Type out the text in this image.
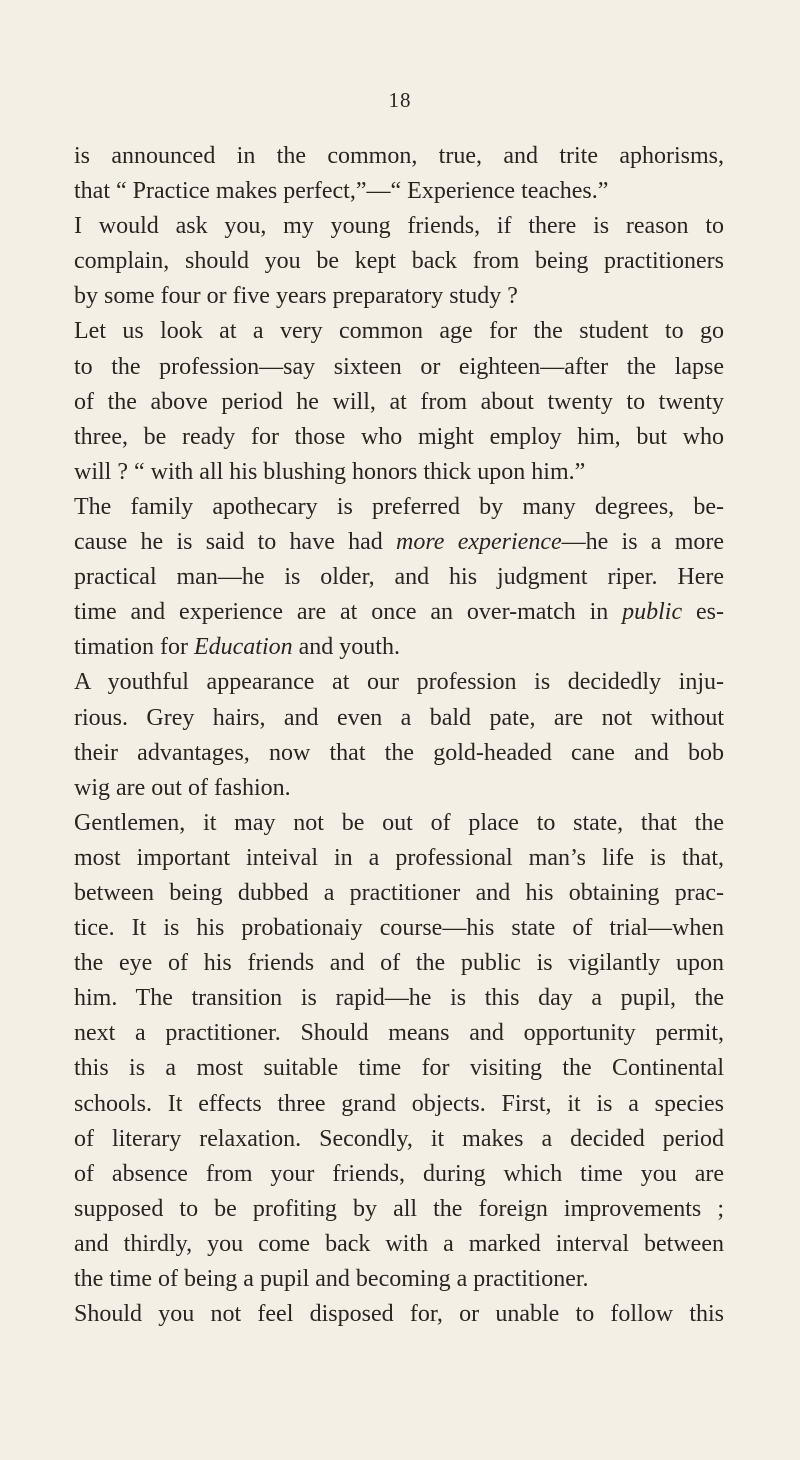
18
is announced in the common, true, and trite aphorisms,
that “ Practice makes perfect,”—“ Experience teaches.”
I would ask you, my young friends, if there is reason to
complain, should you be kept back from being practitioners
by some four or five years preparatory study ?
Let us look at a very common age for the student to go
to the profession—say sixteen or eighteen—after the lapse
of the above period he will, at from about twenty to twenty
three, be ready for those who might employ him, but who
will ? “ with all his blushing honors thick upon him.”
The family apothecary is preferred by many degrees, be-
cause he is said to have had more experience—he is a more
practical man—he is older, and his judgment riper. Here
time and experience are at once an over-match in public es-
timation for Education and youth.
A youthful appearance at our profession is decidedly inju-
rious. Grey hairs, and even a bald pate, are not without
their advantages, now that the gold-headed cane and bob
wig are out of fashion.
Gentlemen, it may not be out of place to state, that the
most important inteival in a professional man’s life is that,
between being dubbed a practitioner and his obtaining prac-
tice. It is his probationaiy course—his state of trial—when
the eye of his friends and of the public is vigilantly upon
him. The transition is rapid—he is this day a pupil, the
next a practitioner. Should means and opportunity permit,
this is a most suitable time for visiting the Continental
schools. It effects three grand objects. First, it is a species
of literary relaxation. Secondly, it makes a decided period
of absence from your friends, during which time you are
supposed to be profiting by all the foreign improvements ;
and thirdly, you come back with a marked interval between
the time of being a pupil and becoming a practitioner.
Should you not feel disposed for, or unable to follow this
